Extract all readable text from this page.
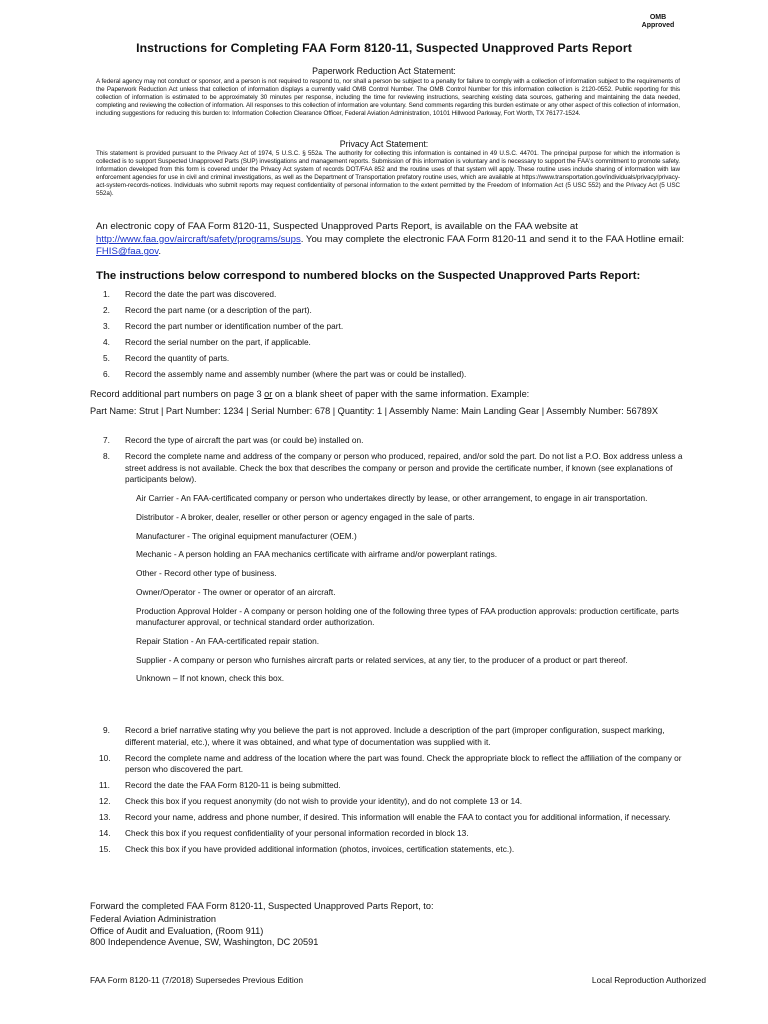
OMB
Approved
Instructions for Completing FAA Form 8120-11, Suspected Unapproved Parts Report
Paperwork Reduction Act Statement:
A federal agency may not conduct or sponsor, and a person is not required to respond to, nor shall a person be subject to a penalty for failure to comply with a collection of information subject to the requirements of the Paperwork Reduction Act unless that collection of information displays a currently valid OMB Control Number. The OMB Control Number for this information collection is 2120-0552. Public reporting for this collection of information is estimated to be approximately 30 minutes per response, including the time for reviewing instructions, searching existing data sources, gathering and maintaining the data needed, completing and reviewing the collection of information. All responses to this collection of information are voluntary. Send comments regarding this burden estimate or any other aspect of this collection of information, including suggestions for reducing this burden to: Information Collection Clearance Officer, Federal Aviation Administration, 10101 Hillwood Parkway, Fort Worth, TX 76177-1524.
Privacy Act Statement:
This statement is provided pursuant to the Privacy Act of 1974, 5 U.S.C. § 552a. The authority for collecting this information is contained in 49 U.S.C. 44701. The principal purpose for which the information is collected is to support Suspected Unapproved Parts (SUP) investigations and management reports. Submission of this information is voluntary and is necessary to support the FAA's commitment to promote safety. Information developed from this form is covered under the Privacy Act system of records DOT/FAA 852 and the routine uses of that system will apply. These routine uses include sharing of information with law enforcement agencies for use in civil and criminal investigations, as well as the Department of Transportation prefatory routine uses, which are available at https://www.transportation.gov/individuals/privacy/privacy-act-system-records-notices. Individuals who submit reports may request confidentiality of personal information to the extent permitted by the Freedom of Information Act (5 USC 552) and the Privacy Act (5 USC 552a).
An electronic copy of FAA Form 8120-11, Suspected Unapproved Parts Report, is available on the FAA website at http://www.faa.gov/aircraft/safety/programs/sups. You may complete the electronic FAA Form 8120-11 and send it to the FAA Hotline email: FHIS@faa.gov.
The instructions below correspond to numbered blocks on the Suspected Unapproved Parts Report:
1. Record the date the part was discovered.
2. Record the part name (or a description of the part).
3. Record the part number or identification number of the part.
4. Record the serial number on the part, if applicable.
5. Record the quantity of parts.
6. Record the assembly name and assembly number (where the part was or could be installed).
Record additional part numbers on page 3 or on a blank sheet of paper with the same information. Example:
Part Name: Strut | Part Number: 1234 | Serial Number: 678 | Quantity: 1 | Assembly Name: Main Landing Gear | Assembly Number: 56789X
7. Record the type of aircraft the part was (or could be) installed on.
8. Record the complete name and address of the company or person who produced, repaired, and/or sold the part. Do not list a P.O. Box address unless a street address is not available. Check the box that describes the company or person and provide the certificate number, if known (see explanations of participants below).
Air Carrier - An FAA-certificated company or person who undertakes directly by lease, or other arrangement, to engage in air transportation.
Distributor - A broker, dealer, reseller or other person or agency engaged in the sale of parts.
Manufacturer - The original equipment manufacturer (OEM.)
Mechanic - A person holding an FAA mechanics certificate with airframe and/or powerplant ratings.
Other - Record other type of business.
Owner/Operator - The owner or operator of an aircraft.
Production Approval Holder - A company or person holding one of the following three types of FAA production approvals: production certificate, parts manufacturer approval, or technical standard order authorization.
Repair Station - An FAA-certificated repair station.
Supplier - A company or person who furnishes aircraft parts or related services, at any tier, to the producer of a product or part thereof.
Unknown – If not known, check this box.
9. Record a brief narrative stating why you believe the part is not approved. Include a description of the part (improper configuration, suspect marking, different material, etc.), where it was obtained, and what type of documentation was supplied with it.
10. Record the complete name and address of the location where the part was found. Check the appropriate block to reflect the affiliation of the company or person who discovered the part.
11. Record the date the FAA Form 8120-11 is being submitted.
12. Check this box if you request anonymity (do not wish to provide your identity), and do not complete 13 or 14.
13. Record your name, address and phone number, if desired. This information will enable the FAA to contact you for additional information, if necessary.
14. Check this box if you request confidentiality of your personal information recorded in block 13.
15. Check this box if you have provided additional information (photos, invoices, certification statements, etc.).
Forward the completed FAA Form 8120-11, Suspected Unapproved Parts Report, to:
Federal Aviation Administration
Office of Audit and Evaluation, (Room 911)
800 Independence Avenue, SW, Washington, DC 20591
FAA Form 8120-11 (7/2018) Supersedes Previous Edition	Local Reproduction Authorized
